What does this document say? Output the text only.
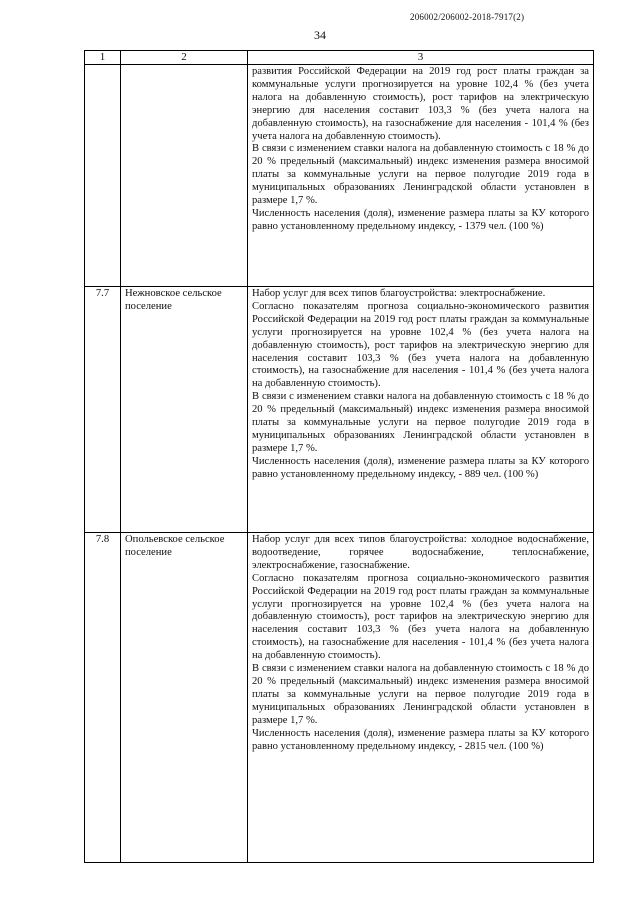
206002/206002-2018-7917(2)
34
1	2	3

		развития Российской Федерации на 2019 год рост платы граждан за коммунальные услуги прогнозируется на уровне 102,4 % (без учета налога на добавленную стоимость), рост тарифов на электрическую энергию для населения составит 103,3 % (без учета налога на добавленную стоимость), на газоснабжение для населения - 101,4 % (без учета налога на добавленную стоимость).

В связи с изменением ставки налога на добавленную стоимость с 18 % до 20 % предельный (максимальный) индекс изменения размера вносимой платы за коммунальные услуги на первое полугодие 2019 года в муниципальных образованиях Ленинградской области установлен в размере 1,7 %.

Численность населения (доля), изменение размера платы за КУ которого равно установленному предельному индексу, - 1379 чел. (100 %)

7.7	Нежновское сельское поселение	Набор услуг для всех типов благоустройства: электроснабжение.

Согласно показателям прогноза социально-экономического развития Российской Федерации на 2019 год рост платы граждан за коммунальные услуги прогнозируется на уровне 102,4 % (без учета налога на добавленную стоимость), рост тарифов на электрическую энергию для населения составит 103,3 % (без учета налога на добавленную стоимость), на газоснабжение для населения - 101,4 % (без учета налога на добавленную стоимость).

В связи с изменением ставки налога на добавленную стоимость с 18 % до 20 % предельный (максимальный) индекс изменения размера вносимой платы за коммунальные услуги на первое полугодие 2019 года в муниципальных образованиях Ленинградской области установлен в размере 1,7 %.

Численность населения (доля), изменение размера платы за КУ которого равно установленному предельному индексу, - 889 чел. (100 %)

7.8	Опольевское сельское поселение	Набор услуг для всех типов благоустройства: холодное водоснабжение, водоотведение, горячее водоснабжение, теплоснабжение, электроснабжение, газоснабжение.

Согласно показателям прогноза социально-экономического развития Российской Федерации на 2019 год рост платы граждан за коммунальные услуги прогнозируется на уровне 102,4 % (без учета налога на добавленную стоимость), рост тарифов на электрическую энергию для населения составит 103,3 % (без учета налога на добавленную стоимость), на газоснабжение для населения - 101,4 % (без учета налога на добавленную стоимость).

В связи с изменением ставки налога на добавленную стоимость с 18 % до 20 % предельный (максимальный) индекс изменения размера вносимой платы за коммунальные услуги на первое полугодие 2019 года в муниципальных образованиях Ленинградской области установлен в размере 1,7 %.

Численность населения (доля), изменение размера платы за КУ которого равно установленному предельному индексу, - 2815 чел. (100 %)
